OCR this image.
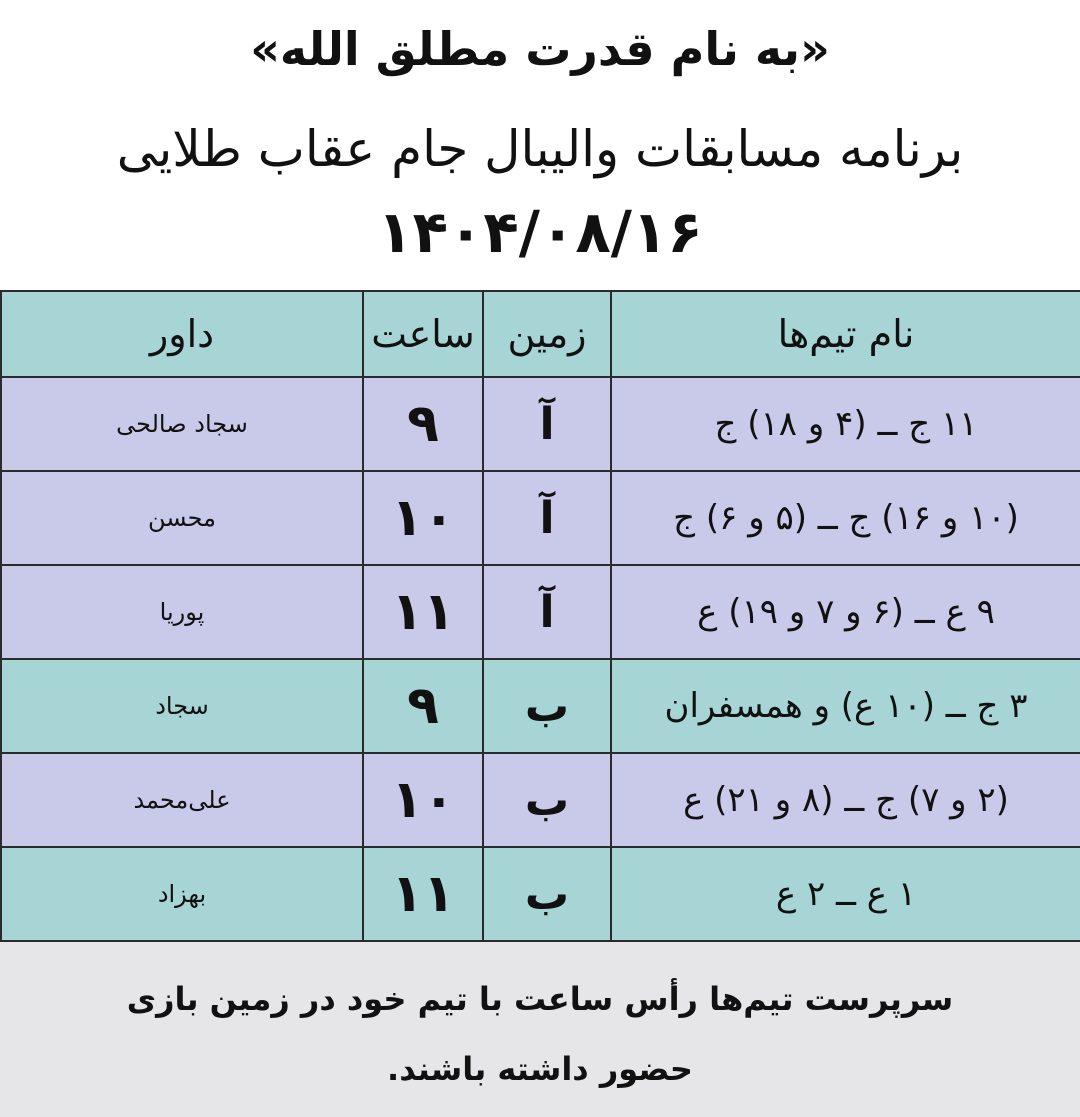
«به نام قدرت مطلق الله»
برنامه مسابقات والیبال جام عقاب طلایی
۱۴۰۴/۰۸/۱۶
نام تیم‌ها	زمین	ساعت	داور
۱۱ ج ــ (۴ و ۱۸) ج	آ	۹	سجاد صالحی
(۱۰ و ۱۶) ج ــ (۵ و ۶) ج	آ	۱۰	محسن
۹ ع ــ (۶ و ۷ و ۱۹) ع	آ	۱۱	پوریا
۳ ج ــ (۱۰ ع) و همسفران	ب	۹	سجاد
(۲ و ۷) ج ــ (۸ و ۲۱) ع	ب	۱۰	علی‌محمد
۱ ع ــ ۲ ع	ب	۱۱	بهزاد
سرپرست تیم‌ها رأس ساعت با تیم خود در زمین بازی حضور داشته باشند.
